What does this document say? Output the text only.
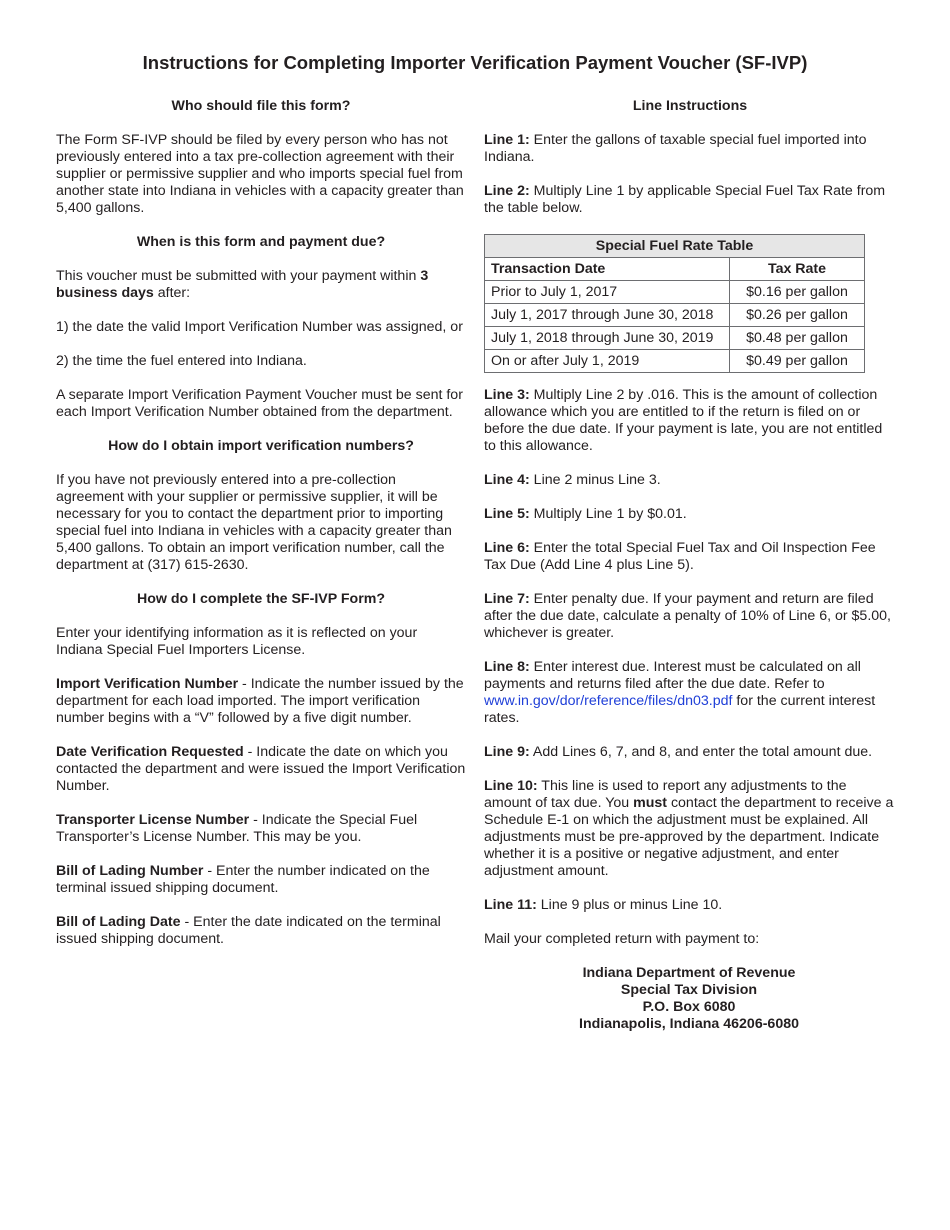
Instructions for Completing Importer Verification Payment Voucher (SF-IVP)
Who should file this form?

The Form SF-IVP should be filed by every person who has not previously entered into a tax pre-collection agreement with their supplier or permissive supplier and who imports special fuel from another state into Indiana in vehicles with a capacity greater than 5,400 gallons.

When is this form and payment due?

This voucher must be submitted with your payment within 3 business days after:

1) the date the valid Import Verification Number was assigned, or

2) the time the fuel entered into Indiana.

A separate Import Verification Payment Voucher must be sent for each Import Verification Number obtained from the department.

How do I obtain import verification numbers?

If you have not previously entered into a pre-collection agreement with your supplier or permissive supplier, it will be necessary for you to contact the department prior to importing special fuel into Indiana in vehicles with a capacity greater than 5,400 gallons. To obtain an import verification number, call the department at (317) 615-2630.

How do I complete the SF-IVP Form?

Enter your identifying information as it is reflected on your Indiana Special Fuel Importers License.

Import Verification Number - Indicate the number issued by the department for each load imported. The import verification number begins with a “V” followed by a five digit number.

Date Verification Requested - Indicate the date on which you contacted the department and were issued the Import Verification Number.

Transporter License Number - Indicate the Special Fuel Transporter’s License Number. This may be you.

Bill of Lading Number - Enter the number indicated on the terminal issued shipping document.

Bill of Lading Date - Enter the date indicated on the terminal issued shipping document.

Line Instructions

Line 1: Enter the gallons of taxable special fuel imported into Indiana.

Line 2: Multiply Line 1 by applicable Special Fuel Tax Rate from the table below.

Special Fuel Rate Table	
Transaction Date	Tax Rate
Prior to July 1, 2017	$0.16 per gallon
July 1, 2017 through June 30, 2018	$0.26 per gallon
July 1, 2018 through June 30, 2019	$0.48 per gallon
On or after July 1, 2019	$0.49 per gallon

Line 3: Multiply Line 2 by .016. This is the amount of collection allowance which you are entitled to if the return is filed on or before the due date. If your payment is late, you are not entitled to this allowance.

Line 4: Line 2 minus Line 3.

Line 5: Multiply Line 1 by $0.01.

Line 6: Enter the total Special Fuel Tax and Oil Inspection Fee Tax Due (Add Line 4 plus Line 5).

Line 7: Enter penalty due. If your payment and return are filed after the due date, calculate a penalty of 10% of Line 6, or $5.00, whichever is greater.

Line 8: Enter interest due. Interest must be calculated on all payments and returns filed after the due date. Refer to www.in.gov/dor/reference/files/dn03.pdf for the current interest rates.

Line 9: Add Lines 6, 7, and 8, and enter the total amount due.

Line 10: This line is used to report any adjustments to the amount of tax due. You must contact the department to receive a Schedule E-1 on which the adjustment must be explained. All adjustments must be pre-approved by the department. Indicate whether it is a positive or negative adjustment, and enter adjustment amount.

Line 11: Line 9 plus or minus Line 10.

Mail your completed return with payment to:

Indiana Department of Revenue
Special Tax Division
P.O. Box 6080
Indianapolis, Indiana 46206-6080
